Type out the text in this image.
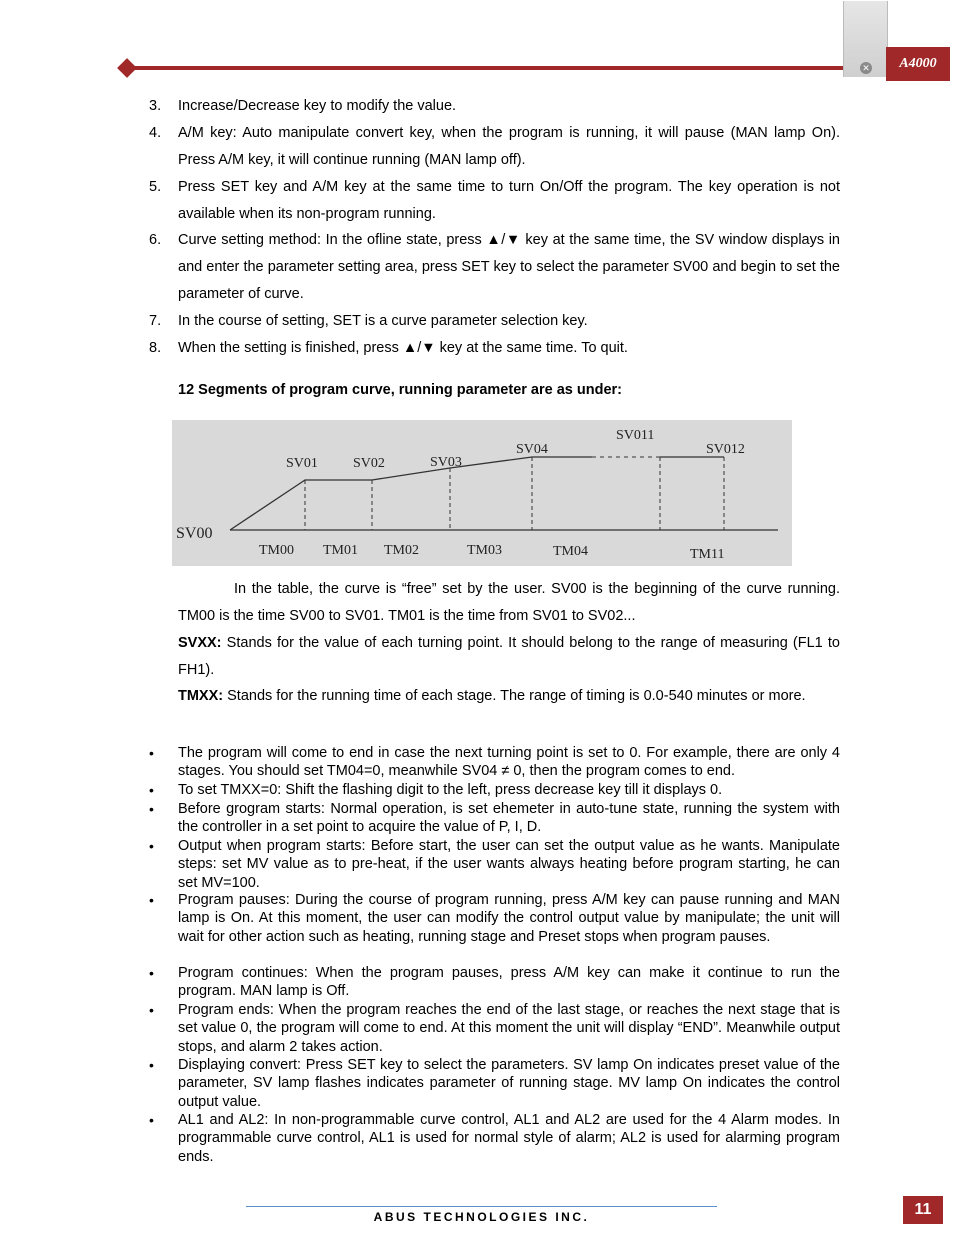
✕	A4000
3.	Increase/Decrease key to modify the value.
4.	A/M key: Auto manipulate convert key, when the program is running, it will pause (MAN lamp On). Press A/M key, it will continue running (MAN lamp off).
5.	Press SET key and A/M key at the same time to turn On/Off the program. The key operation is not available when its non-program running.
6.	Curve setting method: In the ofline state, press ▲/▼ key at the same time, the SV window displays in and enter the parameter setting area, press SET key to select the parameter SV00 and begin to set the parameter of curve.
7.	In the course of setting, SET is a curve parameter selection key.
8.	When the setting is finished, press ▲/▼ key at the same time. To quit.
12 Segments of program curve, running parameter are as under:
SV00
SV01	SV02	SV03
SV04
SV011
SV012
TM00 TM01 TM02	TM03	TM04	TM11
In the table, the curve is “free” set by the user. SV00 is the beginning of the curve running. TM00 is the time SV00 to SV01. TM01 is the time from SV01 to SV02...
SVXX: Stands for the value of each turning point. It should belong to the range of measuring (FL1 to FH1).
TMXX: Stands for the running time of each stage. The range of timing is 0.0-540 minutes or more.
• The program will come to end in case the next turning point is set to 0. For example, there are only 4 stages. You should set TM04=0, meanwhile SV04 ≠ 0, then the program comes to end.
• To set TMXX=0: Shift the flashing digit to the left, press decrease key till it displays 0.
• Before grogram starts: Normal operation, is set ehemeter in auto-tune state, running the system with the controller in a set point to acquire the value of P, I, D.
• Output when program starts: Before start, the user can set the output value as he wants. Manipulate steps: set MV value as to pre-heat, if the user wants always heating before program starting, he can set MV=100.
• Program pauses: During the course of program running, press A/M key can pause running and MAN lamp is On. At this moment, the user can modify the control output value by manipulate; the unit will wait for other action such as heating, running stage and Preset stops when program pauses.
• Program continues: When the program pauses, press A/M key can make it continue to run the program. MAN lamp is Off.
• Program ends: When the program reaches the end of the last stage, or reaches the next stage that is set value 0, the program will come to end. At this moment the unit will display “END”. Meanwhile output stops, and alarm 2 takes action.
• Displaying convert: Press SET key to select the parameters. SV lamp On indicates preset value of the parameter, SV lamp flashes indicates parameter of running stage. MV lamp On indicates the control output value.
• AL1 and AL2: In non-programmable curve control, AL1 and AL2 are used for the 4 Alarm modes. In programmable curve control, AL1 is used for normal style of alarm; AL2 is used for alarming program ends.
ABUS TECHNOLOGIES INC.	11
